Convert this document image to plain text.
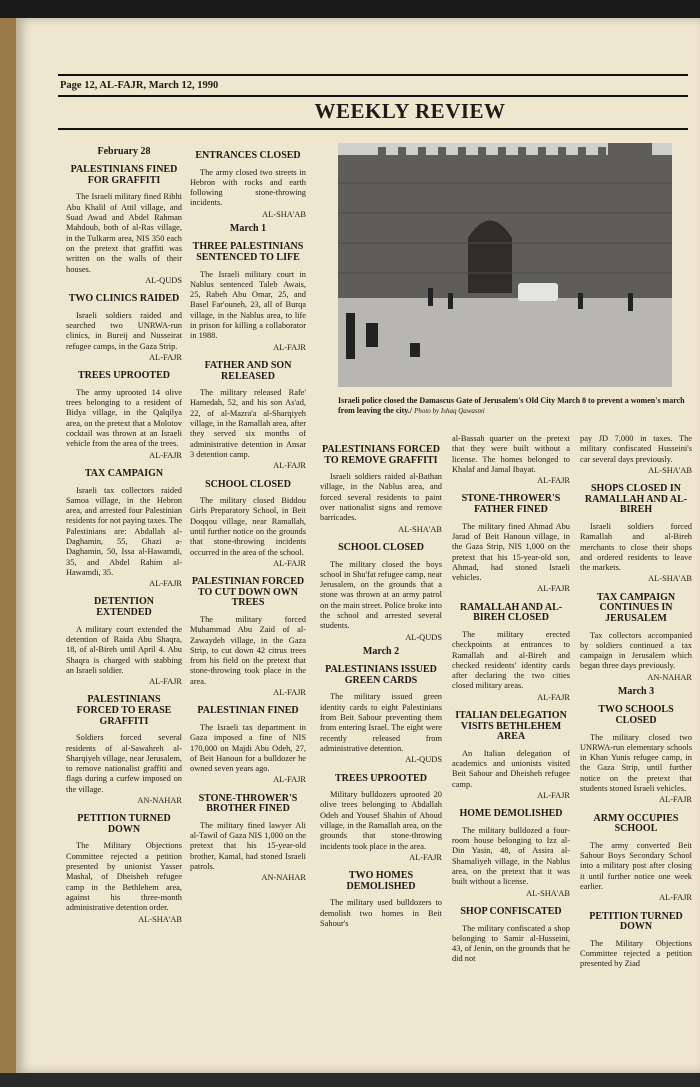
Page 12, AL-FAJR, March 12, 1990
WEEKLY REVIEW
February 28
PALESTINIANS FINED FOR GRAFFITI

The Israeli military fined Ribhi Abu Khalil of Attil village, and Suad Awad and Abdel Rahman Mahdoub, both of al-Ras village, in the Tulkarm area, NIS 350 each on the pretext that graffiti was written on the walls of their houses.

AL-QUDS
TWO CLINICS RAIDED

Israeli soldiers raided and searched two UNRWA-run clinics, in Bureij and Nusseirat refugee camps, in the Gaza Strip.

AL-FAJR
TREES UPROOTED

The army uprooted 14 olive trees belonging to a resident of Bidya village, in the Qalqilya area, on the pretext that a Molotov cocktail was thrown at an Israeli vehicle from the area of the trees.

AL-FAJR
TAX CAMPAIGN

Israeli tax collectors raided Samoa village, in the Hebron area, and arrested four Palestinian residents for not paying taxes. The Palestinians are: Abdallah al-Daghamin, 55, Ghazi a-Daghamin, 50, Issa al-Hawamdi, 35, and Abdel Rahim al-Hawamdi, 35.

AL-FAJR
DETENTION EXTENDED

A military court extended the detention of Raida Abu Shaqra, 18, of al-Bireh until April 4. Abu Shaqra is charged with stabbing an Israeli soldier.

AL-FAJR
PALESTINIANS FORCED TO ERASE GRAFFITI

Soldiers forced several residents of al-Sawahreh al-Sharqiyeh village, near Jerusalem, to remove nationalist graffiti and flags during a curfew imposed on the village.

AN-NAHAR
PETITION TURNED DOWN

The Military Objections Committee rejected a petition presented by unionist Yasser Mashal, of Dheisheh refugee camp in the Bethlehem area, against his three-month administrative detention order.

AL-SHA'AB
ENTRANCES CLOSED

The army closed two streets in Hebron with rocks and earth following stone-throwing incidents.

AL-SHA'AB
March 1
THREE PALESTINIANS SENTENCED TO LIFE

The Israeli military court in Nablus sentenced Taleb Awais, 25, Rabeh Abu Omar, 25, and Basel Far'ouneh, 23, all of Burqa village, in the Nablus area, to life in prison for killing a collaborator in 1988.

AL-FAJR
FATHER AND SON RELEASED

The military released Rafe' Hamedah, 52, and his son As'ad, 22, of al-Mazra'a al-Sharqiyeh village, in the Ramallah area, after they served six months of administrative detention in Ansar 3 detention camp.

AL-FAJR
SCHOOL CLOSED

The military closed Biddou Girls Preparatory School, in Beit Doqqou village, near Ramallah, until further notice on the grounds that stone-throwing incidents occurred in the area of the school.

AL-FAJR
PALESTINIAN FORCED TO CUT DOWN OWN TREES

The military forced Muhammad Abu Zaid of al-Zawaydeh village, in the Gaza Strip, to cut down 42 citrus trees from his field on the pretext that stone-throwing took place in the area.

AL-FAJR
PALESTINIAN FINED

The Israeli tax department in Gaza imposed a fine of NIS 170,000 on Majdi Abu Odeh, 27, of Beit Hanoun for a bulldozer he owned seven years ago.

AL-FAJR
STONE-THROWER'S BROTHER FINED

The military fined lawyer Ali al-Tawil of Gaza NIS 1,000 on the pretext that his 15-year-old brother, Kamal, had stoned Israeli patrols.

AN-NAHAR
Israeli police closed the Damascus Gate of Jerusalem's Old City March 8 to prevent a women's march from leaving the city./ Photo by Ishaq Qawasmi
PALESTINIANS FORCED TO REMOVE GRAFFITI

Israeli soldiers raided al-Bathan village, in the Nablus area, and forced several residents to paint over nationalist signs and remove barricades.

AL-SHA'AB
SCHOOL CLOSED

The military closed the boys school in Shu'fat refugee camp, near Jerusalem, on the grounds that a stone was thrown at an army patrol on the main street. Police broke into the school and arrested several students.

AL-QUDS
March 2
PALESTINIANS ISSUED GREEN CARDS

The military issued green identity cards to eight Palestinians from Beit Sahour preventing them from entering Israel. The eight were recently released from administrative detention.

AL-QUDS
TREES UPROOTED

Military bulldozers uprooted 20 olive trees belonging to Abdallah Odeh and Yousef Shahin of Aboud village, in the Ramallah area, on the grounds that stone-throwing incidents took place in the area.

AL-FAJR
TWO HOMES DEMOLISHED

The military used bulldozers to demolish two homes in Beit Sahour's

al-Bassah quarter on the pretext that they were built without a license. The homes belonged to Khalaf and Jamal Ibayat.

AL-FAJR
STONE-THROWER'S FATHER FINED

The military fined Ahmad Abu Jarad of Beit Hanoun village, in the Gaza Strip, NIS 1,000 on the pretext that his 15-year-old son, Ahmad, had stoned Israeli vehicles.

AL-FAJR
RAMALLAH AND AL-BIREH CLOSED

The military erected checkpoints at entrances to Ramallah and al-Bireh and checked residents' identity cards after declaring the two cities closed military areas.

AL-FAJR
ITALIAN DELEGATION VISITS BETHLEHEM AREA

An Italian delegation of academics and unionists visited Beit Sahour and Dheisheh refugee camp.

AL-FAJR
HOME DEMOLISHED

The military bulldozed a four-room house belonging to Izz al-Din Yasin, 48, of Assira al-Shamaliyeh village, in the Nablus area, on the pretext that it was built without a license.

AL-SHA'AB
SHOP CONFISCATED

The military confiscated a shop belonging to Samir al-Husseini, 43, of Jenin, on the grounds that he did not

pay JD 7,000 in taxes. The military confiscated Husseini's car several days previously.

AL-SHA'AB
SHOPS CLOSED IN RAMALLAH AND AL-BIREH

Israeli soldiers forced Ramallah and al-Bireh merchants to close their shops and ordered residents to leave the markets.

AL-SHA'AB
TAX CAMPAIGN CONTINUES IN JERUSALEM

Tax collectors accompanied by soldiers continued a tax campaign in Jerusalem which began three days previously.

AN-NAHAR
March 3
TWO SCHOOLS CLOSED

The military closed two UNRWA-run elementary schools in Khan Yunis refugee camp, in the Gaza Strip, until further notice on the pretext that students stoned Israeli vehicles.

AL-FAJR
ARMY OCCUPIES SCHOOL

The army converted Beit Sahour Boys Secondary School into a military post after closing it until further notice one week earlier.

AL-FAJR
PETITION TURNED DOWN

The Military Objections Committee rejected a petition presented by Ziad
